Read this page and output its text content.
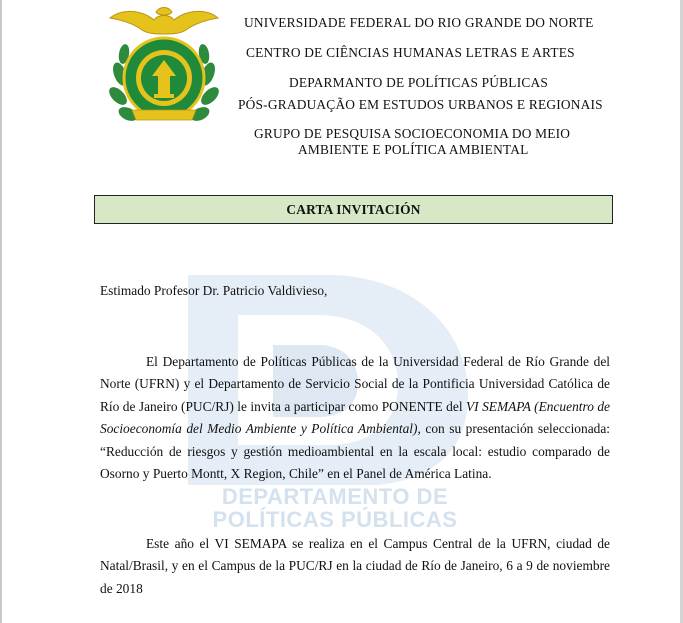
UNIVERSIDADE FEDERAL DO RIO GRANDE DO NORTE
CENTRO DE CIÊNCIAS HUMANAS LETRAS E ARTES
DEPARMANTO DE POLÍTICAS PÚBLICAS
PÓS-GRADUAÇÃO EM ESTUDOS URBANOS E REGIONAIS
GRUPO DE PESQUISA SOCIOECONOMIA DO MEIO
AMBIENTE E POLÍTICA AMBIENTAL
CARTA INVITACIÓN
DEPARTAMENTO DE
POLÍTICAS PÚBLICAS
Estimado Profesor Dr. Patricio Valdivieso,
El Departamento de Políticas Públicas de la Universidad Federal de Río Grande del Norte (UFRN) y el Departamento de Servicio Social de la Pontificia Universidad Católica de Río de Janeiro (PUC/RJ) le invita a participar como PONENTE del VI SEMAPA (Encuentro de Socioeconomía del Medio Ambiente y Política Ambiental), con su presentación seleccionada: “Reducción de riesgos y gestión medioambiental en la escala local: estudio comparado de Osorno y Puerto Montt, X Region, Chile” en el Panel de América Latina.
Este año el VI SEMAPA se realiza en el Campus Central de la UFRN, ciudad de Natal/Brasil, y en el Campus de la PUC/RJ en la ciudad de Río de Janeiro, 6 a 9 de noviembre de 2018
